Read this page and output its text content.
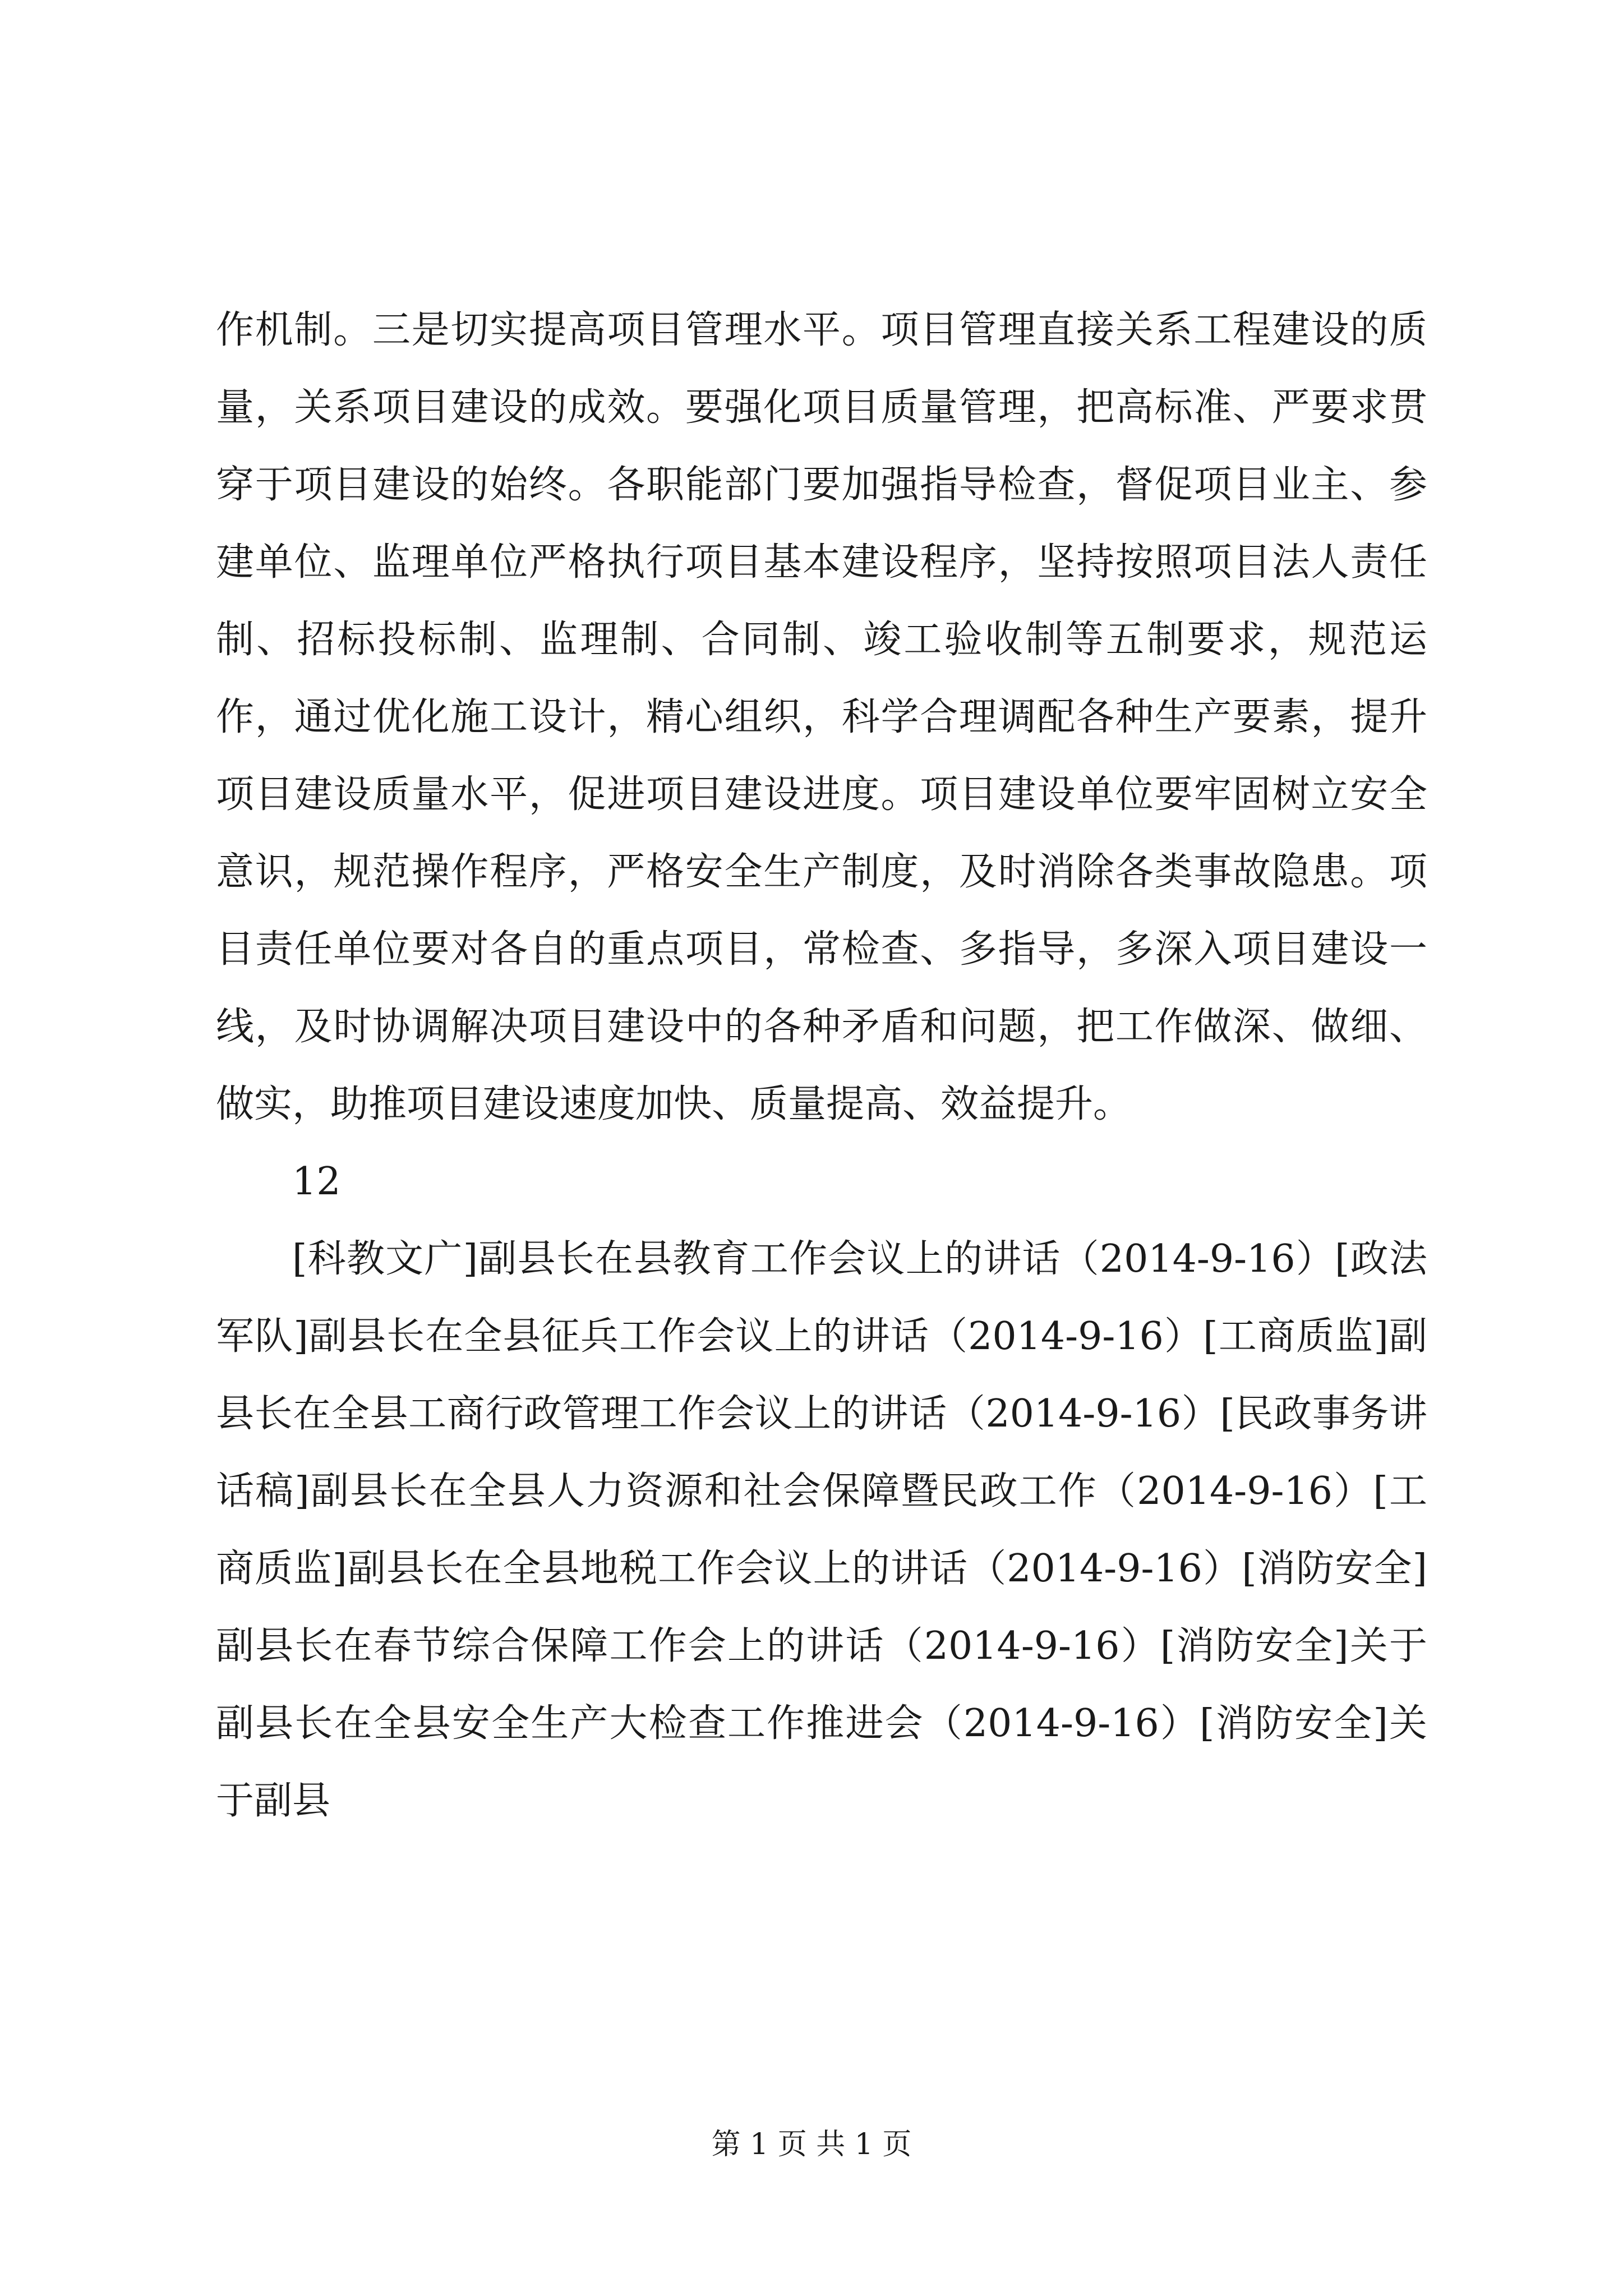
作机制。三是切实提高项目管理水平。项目管理直接关系工程建设的质量，关系项目建设的成效。要强化项目质量管理，把高标准、严要求贯穿于项目建设的始终。各职能部门要加强指导检查，督促项目业主、参建单位、监理单位严格执行项目基本建设程序，坚持按照项目法人责任制、招标投标制、监理制、合同制、竣工验收制等五制要求，规范运作，通过优化施工设计，精心组织，科学合理调配各种生产要素，提升项目建设质量水平，促进项目建设进度。项目建设单位要牢固树立安全意识，规范操作程序，严格安全生产制度，及时消除各类事故隐患。项目责任单位要对各自的重点项目，常检查、多指导，多深入项目建设一线，及时协调解决项目建设中的各种矛盾和问题，把工作做深、做细、做实，助推项目建设速度加快、质量提高、效益提升。

12

[科教文广]副县长在县教育工作会议上的讲话（2014-9-16）[政法军队]副县长在全县征兵工作会议上的讲话（2014-9-16）[工商质监]副县长在全县工商行政管理工作会议上的讲话（2014-9-16）[民政事务讲话稿]副县长在全县人力资源和社会保障暨民政工作（2014-9-16）[工商质监]副县长在全县地税工作会议上的讲话（2014-9-16）[消防安全]副县长在春节综合保障工作会上的讲话（2014-9-16）[消防安全]关于副县长在全县安全生产大检查工作推进会（2014-9-16）[消防安全]关于副县

第 1 页 共 1 页
